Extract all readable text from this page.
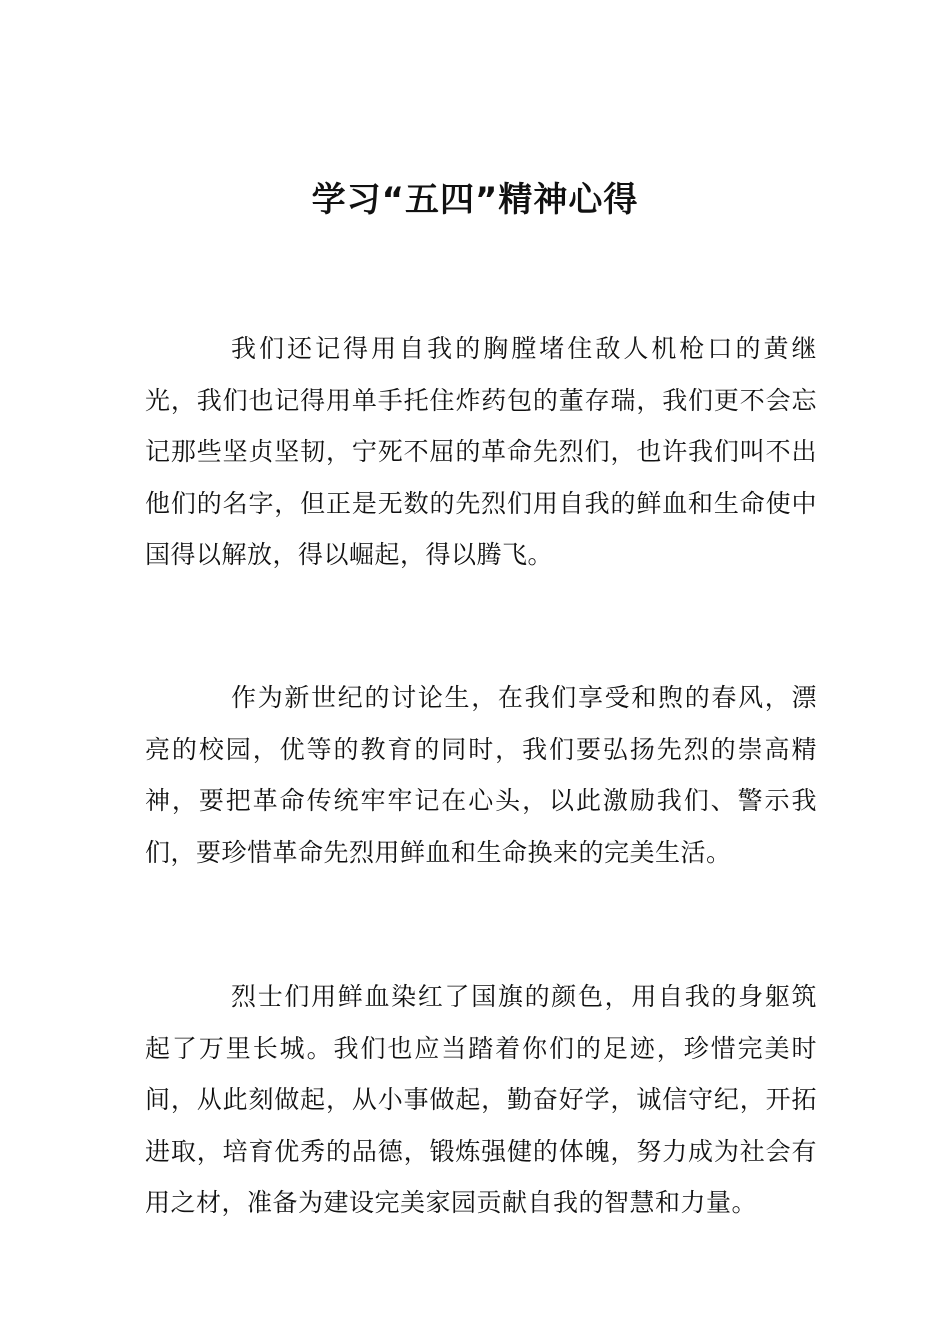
学习“五四”精神心得

我们还记得用自我的胸膛堵住敌人机枪口的黄继光，我们也记得用单手托住炸药包的董存瑞，我们更不会忘记那些坚贞坚韧，宁死不屈的革命先烈们，也许我们叫不出他们的名字，但正是无数的先烈们用自我的鲜血和生命使中国得以解放，得以崛起，得以腾飞。

作为新世纪的讨论生，在我们享受和煦的春风，漂亮的校园，优等的教育的同时，我们要弘扬先烈的崇高精神，要把革命传统牢牢记在心头，以此激励我们、警示我们，要珍惜革命先烈用鲜血和生命换来的完美生活。

烈士们用鲜血染红了国旗的颜色，用自我的身躯筑起了万里长城。我们也应当踏着你们的足迹，珍惜完美时间，从此刻做起，从小事做起，勤奋好学，诚信守纪，开拓进取，培育优秀的品德，锻炼强健的体魄，努力成为社会有用之材，准备为建设完美家园贡献自我的智慧和力量。
